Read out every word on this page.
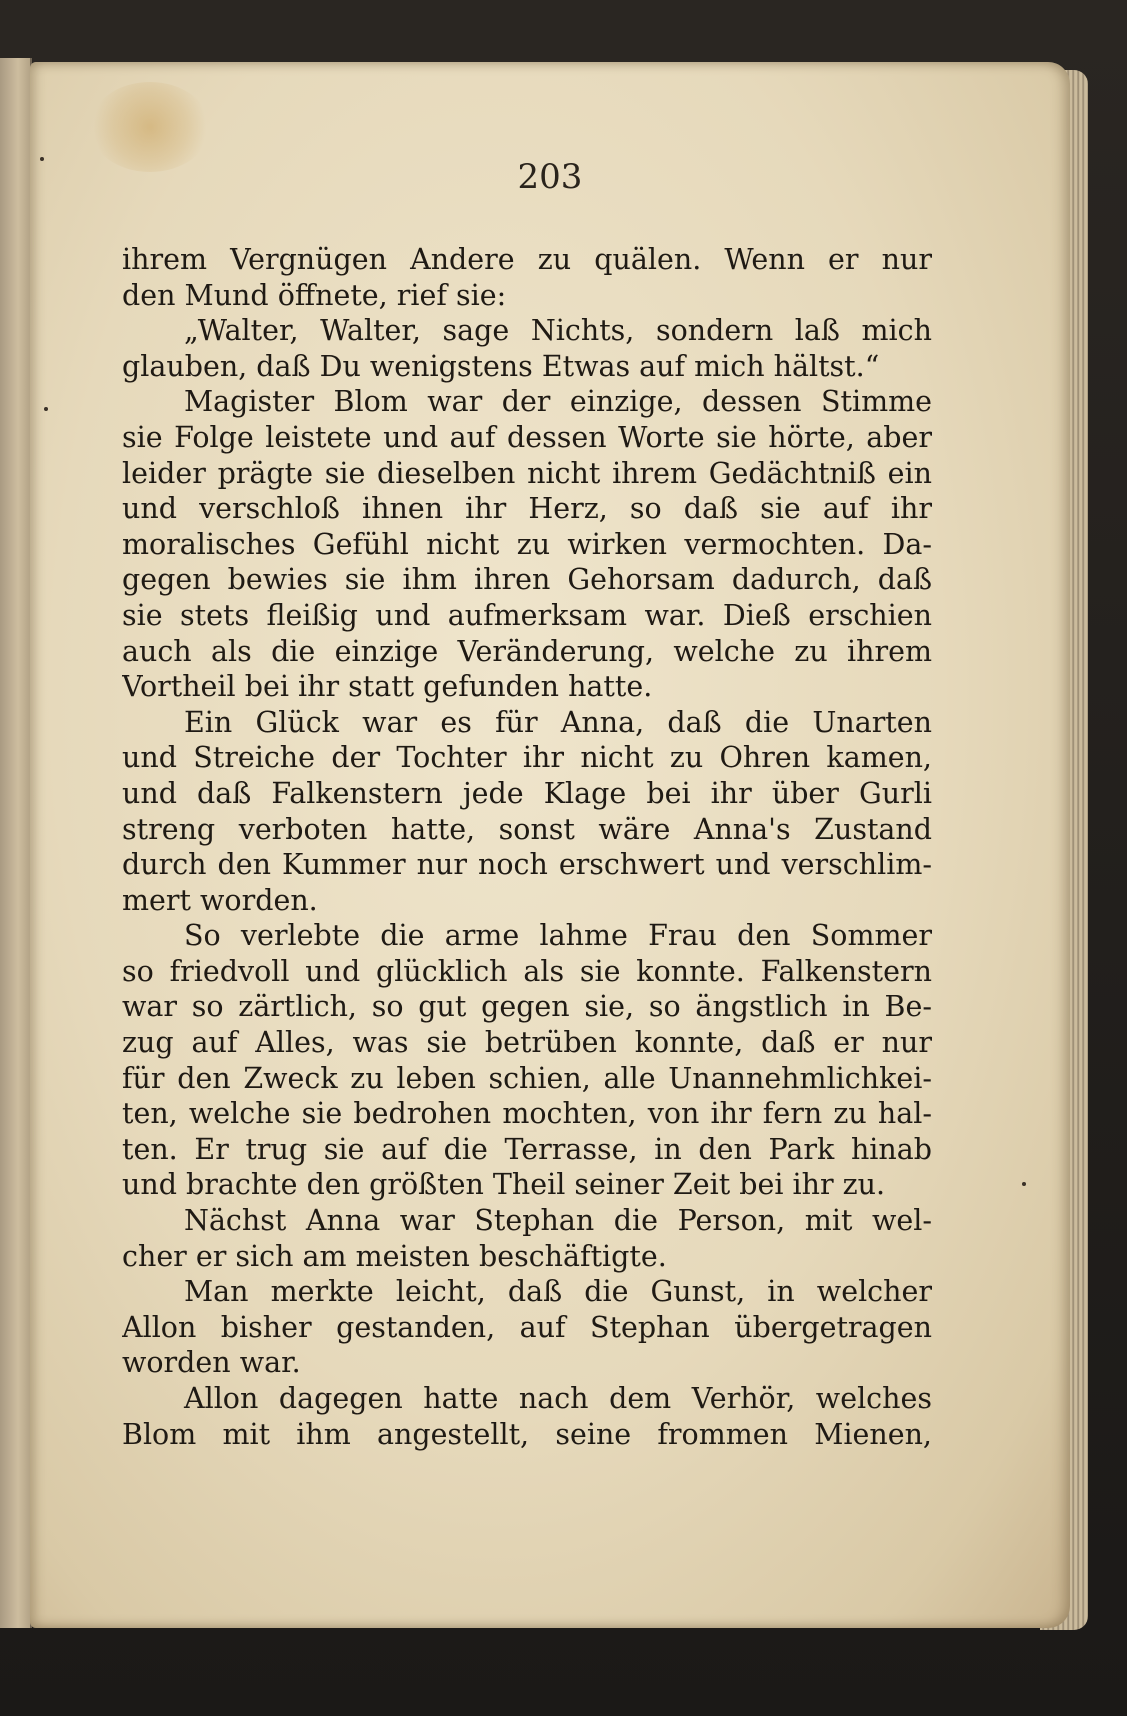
203
ihrem Vergnügen Andere zu quälen. Wenn er nur
den Mund öffnete, rief sie:
„Walter, Walter, sage Nichts, sondern laß mich
glauben, daß Du wenigstens Etwas auf mich hältst.“
Magister Blom war der einzige, dessen Stimme
sie Folge leistete und auf dessen Worte sie hörte, aber
leider prägte sie dieselben nicht ihrem Gedächtniß ein
und verschloß ihnen ihr Herz, so daß sie auf ihr
moralisches Gefühl nicht zu wirken vermochten. Da-
gegen bewies sie ihm ihren Gehorsam dadurch, daß
sie stets fleißig und aufmerksam war. Dieß erschien
auch als die einzige Veränderung, welche zu ihrem
Vortheil bei ihr statt gefunden hatte.
Ein Glück war es für Anna, daß die Unarten
und Streiche der Tochter ihr nicht zu Ohren kamen,
und daß Falkenstern jede Klage bei ihr über Gurli
streng verboten hatte, sonst wäre Anna's Zustand
durch den Kummer nur noch erschwert und verschlim-
mert worden.
So verlebte die arme lahme Frau den Sommer
so friedvoll und glücklich als sie konnte. Falkenstern
war so zärtlich, so gut gegen sie, so ängstlich in Be-
zug auf Alles, was sie betrüben konnte, daß er nur
für den Zweck zu leben schien, alle Unannehmlichkei-
ten, welche sie bedrohen mochten, von ihr fern zu hal-
ten. Er trug sie auf die Terrasse, in den Park hinab
und brachte den größten Theil seiner Zeit bei ihr zu.
Nächst Anna war Stephan die Person, mit wel-
cher er sich am meisten beschäftigte.
Man merkte leicht, daß die Gunst, in welcher
Allon bisher gestanden, auf Stephan übergetragen
worden war.
Allon dagegen hatte nach dem Verhör, welches
Blom mit ihm angestellt, seine frommen Mienen,
